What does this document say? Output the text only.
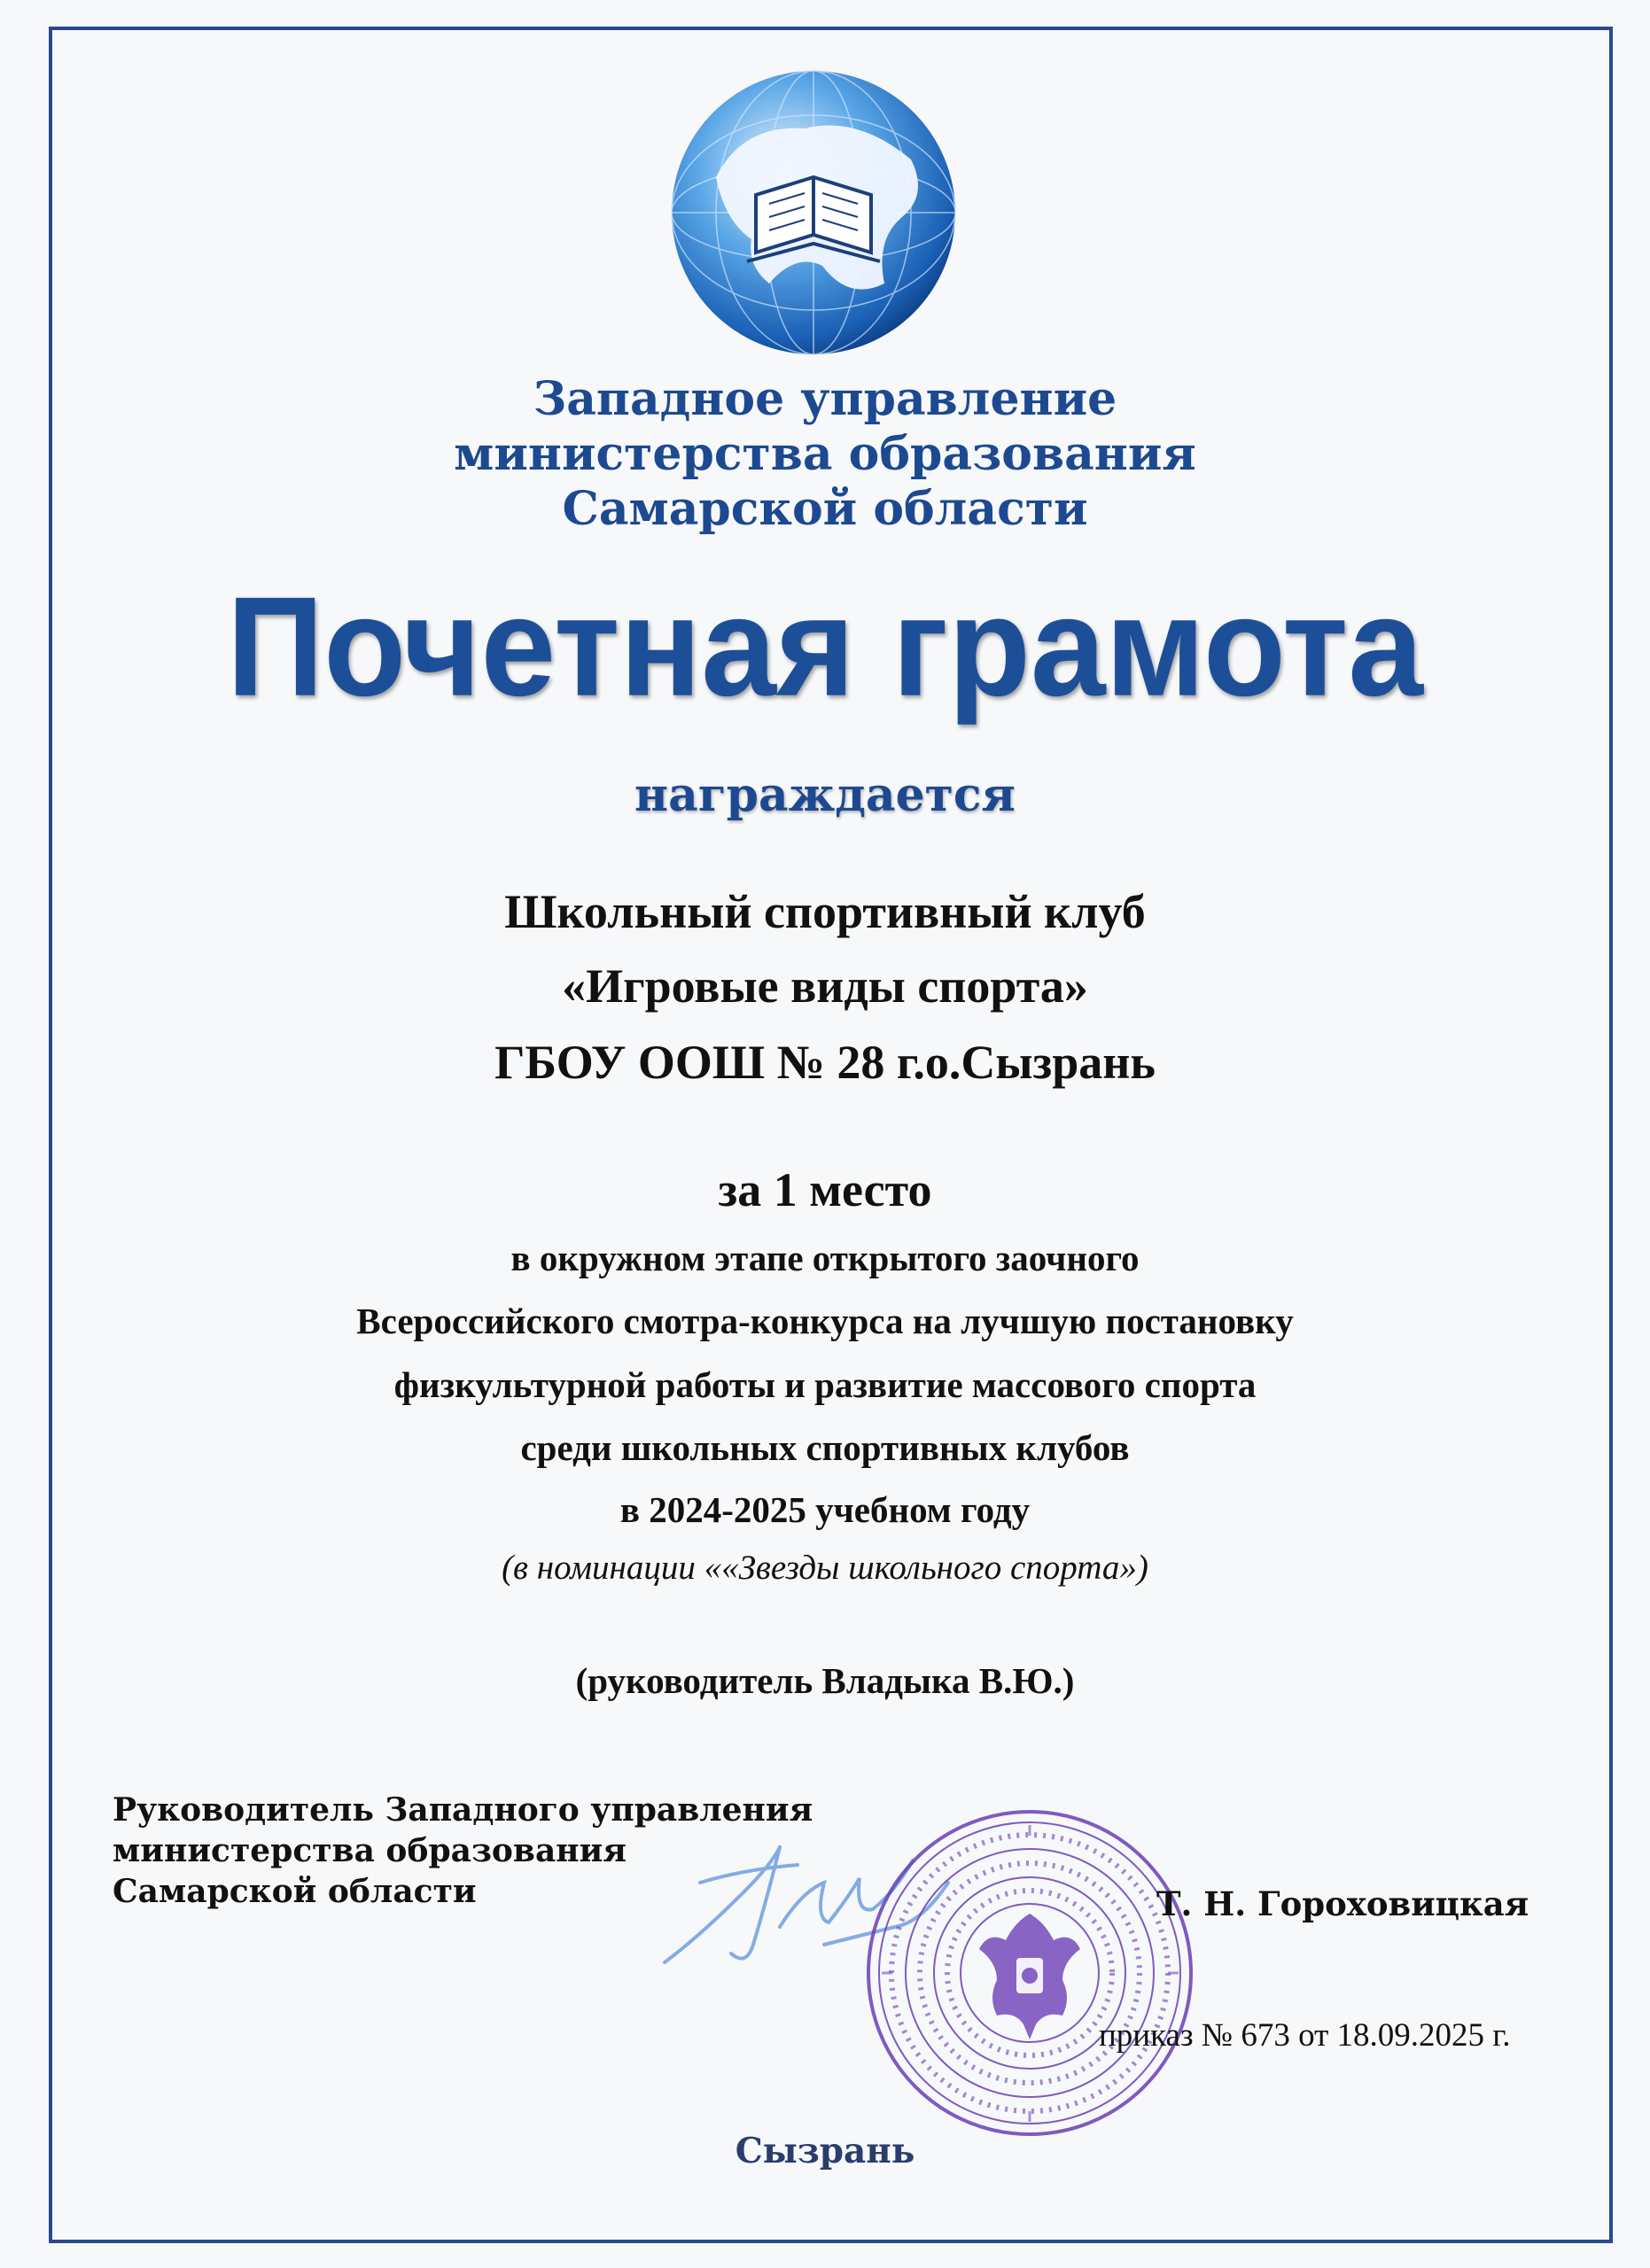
Западное управление
министерства образования
Самарской области
Почетная грамота
награждается
Школьный спортивный клуб
«Игровые виды спорта»
ГБОУ ООШ № 28 г.о.Сызрань
за 1 место
в окружном этапе открытого заочного
Всероссийского смотра-конкурса на лучшую постановку
физкультурной работы и развитие массового спорта
среди школьных спортивных клубов
в 2024-2025 учебном году
(в номинации ««Звезды школьного спорта»)
(руководитель Владыка В.Ю.)
Руководитель Западного управления
министерства образования
Самарской области	Т. Н. Гороховицкая
приказ № 673 от 18.09.2025 г.
Сызрань
